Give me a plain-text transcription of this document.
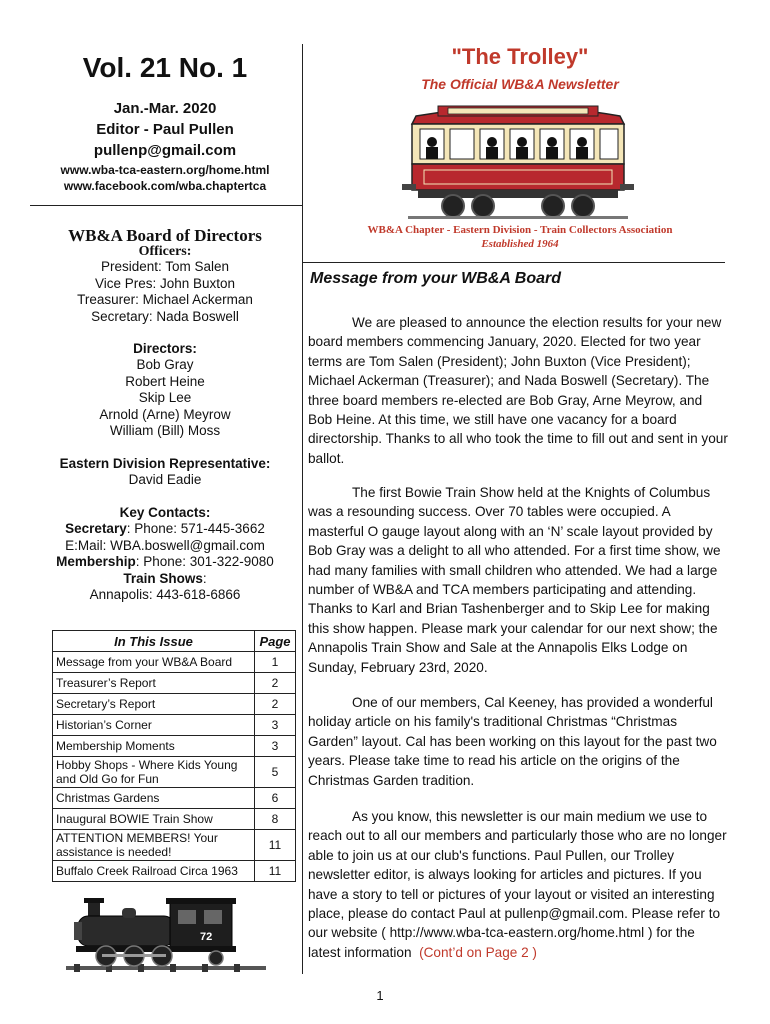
Vol. 21 No. 1
Jan.-Mar. 2020
Editor - Paul Pullen
pullenp@gmail.com
www.wba-tca-eastern.org/home.html
www.facebook.com/wba.chaptertca
WB&A Board of Directors
Officers:
President: Tom Salen
Vice Pres: John Buxton
Treasurer: Michael Ackerman
Secretary: Nada Boswell
Directors:
Bob Gray
Robert Heine
Skip Lee
Arnold (Arne) Meyrow
William (Bill) Moss
Eastern Division Representative:
David Eadie
Key Contacts:
Secretary: Phone: 571-445-3662
E:Mail: WBA.boswell@gmail.com
Membership: Phone: 301-322-9080
Train Shows:
Annapolis: 443-618-6866
In This Issue	Page
Message from your WB&A Board	1
Treasurer’s Report	2
Secretary’s Report	2
Historian’s Corner	3
Membership Moments	3
Hobby Shops - Where Kids Young and Old Go for Fun	5
Christmas Gardens	6
Inaugural BOWIE Train Show	8
ATTENTION MEMBERS! Your assistance is needed!	11
Buffalo Creek Railroad Circa 1963	11
"The Trolley"
The Official WB&A Newsletter
WB&A Chapter - Eastern Division - Train Collectors Association
Established 1964
Message from your WB&A Board
We are pleased to announce the election results for your new board members commencing January, 2020. Elected for two year terms are Tom Salen (President); John Buxton (Vice President); Michael Ackerman (Treasurer); and Nada Boswell (Secretary). The three board members re-elected are Bob Gray, Arne Meyrow, and Bob Heine. At this time, we still have one vacancy for a board directorship. Thanks to all who took the time to fill out and sent in your ballot.
The first Bowie Train Show held at the Knights of Columbus was a resounding success. Over 70 tables were occupied. A masterful O gauge layout along with an ‘N’ scale layout provided by Bob Gray was a delight to all who attended. For a first time show, we had many families with small children who attended. We had a large number of WB&A and TCA members participating and attending. Thanks to Karl and Brian Tashenberger and to Skip Lee for making this show happen. Please mark your calendar for our next show; the Annapolis Train Show and Sale at the Annapolis Elks Lodge on Sunday, February 23rd, 2020.
One of our members, Cal Keeney, has provided a wonderful holiday article on his family's traditional Christmas “Christmas Garden” layout. Cal has been working on this layout for the past two years. Please take time to read his article on the origins of the Christmas Garden tradition.
As you know, this newsletter is our main medium we use to reach out to all our members and particularly those who are no longer able to join us at our club's functions. Paul Pullen, our Trolley newsletter editor, is always looking for articles and pictures. If you have a story to tell or pictures of your layout or visited an interesting place, please do contact Paul at pullenp@gmail.com. Please refer to our website ( http://www.wba-tca-eastern.org/home.html ) for the latest information (Cont’d on Page 2 )
72
1
